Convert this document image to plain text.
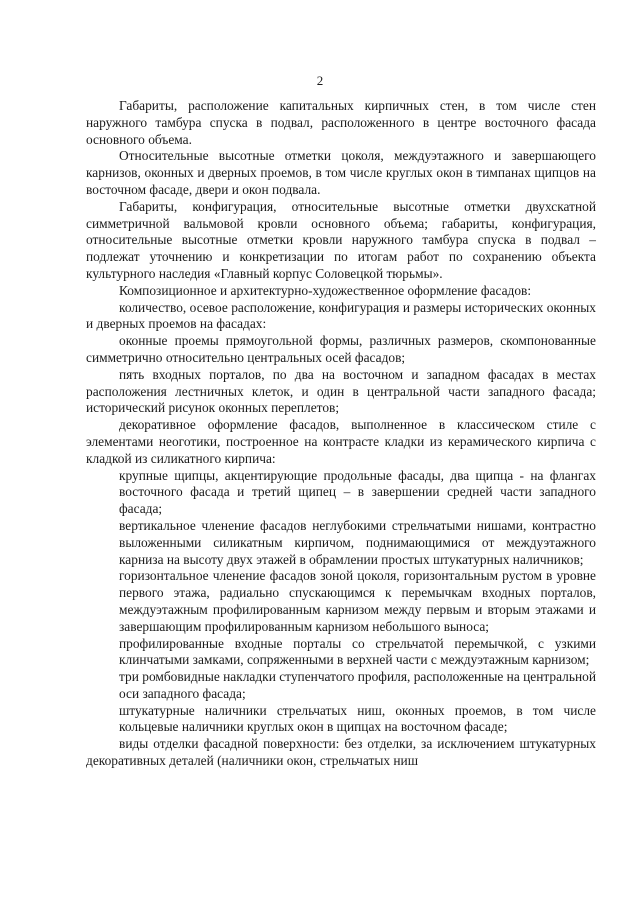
2

Габариты, расположение капитальных кирпичных стен, в том числе стен наружного тамбура спуска в подвал, расположенного в центре восточного фасада основного объема.

Относительные высотные отметки цоколя, междуэтажного и завершающего карнизов, оконных и дверных проемов, в том числе круглых окон в тимпанах щипцов на восточном фасаде, двери и окон подвала.

Габариты, конфигурация, относительные высотные отметки двухскатной симметричной вальмовой кровли основного объема; габариты, конфигурация, относительные высотные отметки кровли наружного тамбура спуска в подвал – подлежат уточнению и конкретизации по итогам работ по сохранению объекта культурного наследия «Главный корпус Соловецкой тюрьмы».

Композиционное и архитектурно-художественное оформление фасадов:

количество, осевое расположение, конфигурация и размеры исторических оконных и дверных проемов на фасадах:

оконные проемы прямоугольной формы, различных размеров, скомпонованные симметрично относительно центральных осей фасадов;

пять входных порталов, по два на восточном и западном фасадах в местах расположения лестничных клеток, и один в центральной части западного фасада; исторический рисунок оконных переплетов;

декоративное оформление фасадов, выполненное в классическом стиле с элементами неоготики, построенное на контрасте кладки из керамического кирпича с кладкой из силикатного кирпича:

крупные щипцы, акцентирующие продольные фасады, два щипца - на флангах восточного фасада и третий щипец – в завершении средней части западного фасада;

вертикальное членение фасадов неглубокими стрельчатыми нишами, контрастно выложенными силикатным кирпичом, поднимающимися от междуэтажного карниза на высоту двух этажей в обрамлении простых штукатурных наличников;

горизонтальное членение фасадов зоной цоколя, горизонтальным рустом в уровне первого этажа, радиально спускающимся к перемычкам входных порталов, междуэтажным профилированным карнизом между первым и вторым этажами и завершающим профилированным карнизом небольшого выноса;

профилированные входные порталы со стрельчатой перемычкой, с узкими клинчатыми замками, сопряженными в верхней части с междуэтажным карнизом;

три ромбовидные накладки ступенчатого профиля, расположенные на центральной оси западного фасада;

штукатурные наличники стрельчатых ниш, оконных проемов, в том числе кольцевые наличники круглых окон в щипцах на восточном фасаде;

виды отделки фасадной поверхности: без отделки, за исключением штукатурных декоративных деталей (наличники окон, стрельчатых ниш
